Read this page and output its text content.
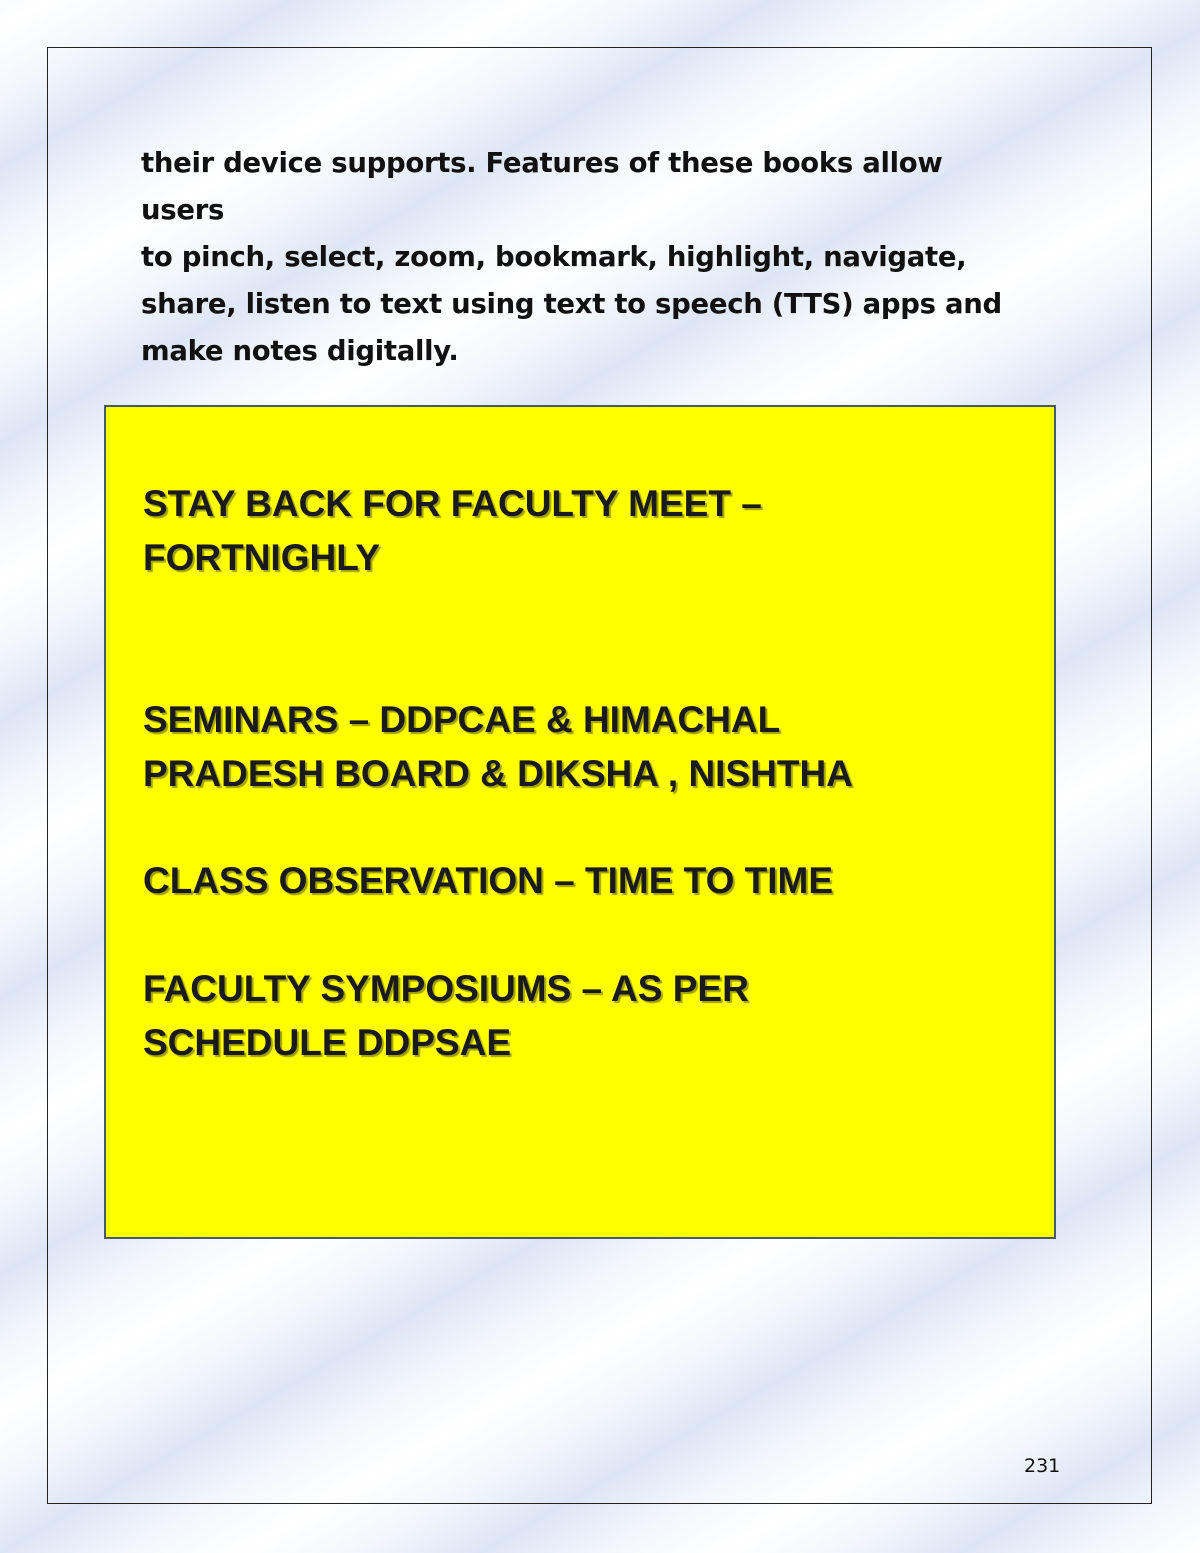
their device supports. Features of these books allow users
to pinch, select, zoom, bookmark, highlight, navigate,
share, listen to text using text to speech (TTS) apps and
make notes digitally.

STAY BACK FOR FACULTY MEET –
FORTNIGHLY

SEMINARS – DDPCAE & HIMACHAL
PRADESH BOARD & DIKSHA , NISHTHA

CLASS OBSERVATION – TIME TO TIME

FACULTY SYMPOSIUMS – AS PER
SCHEDULE DDPSAE

231
